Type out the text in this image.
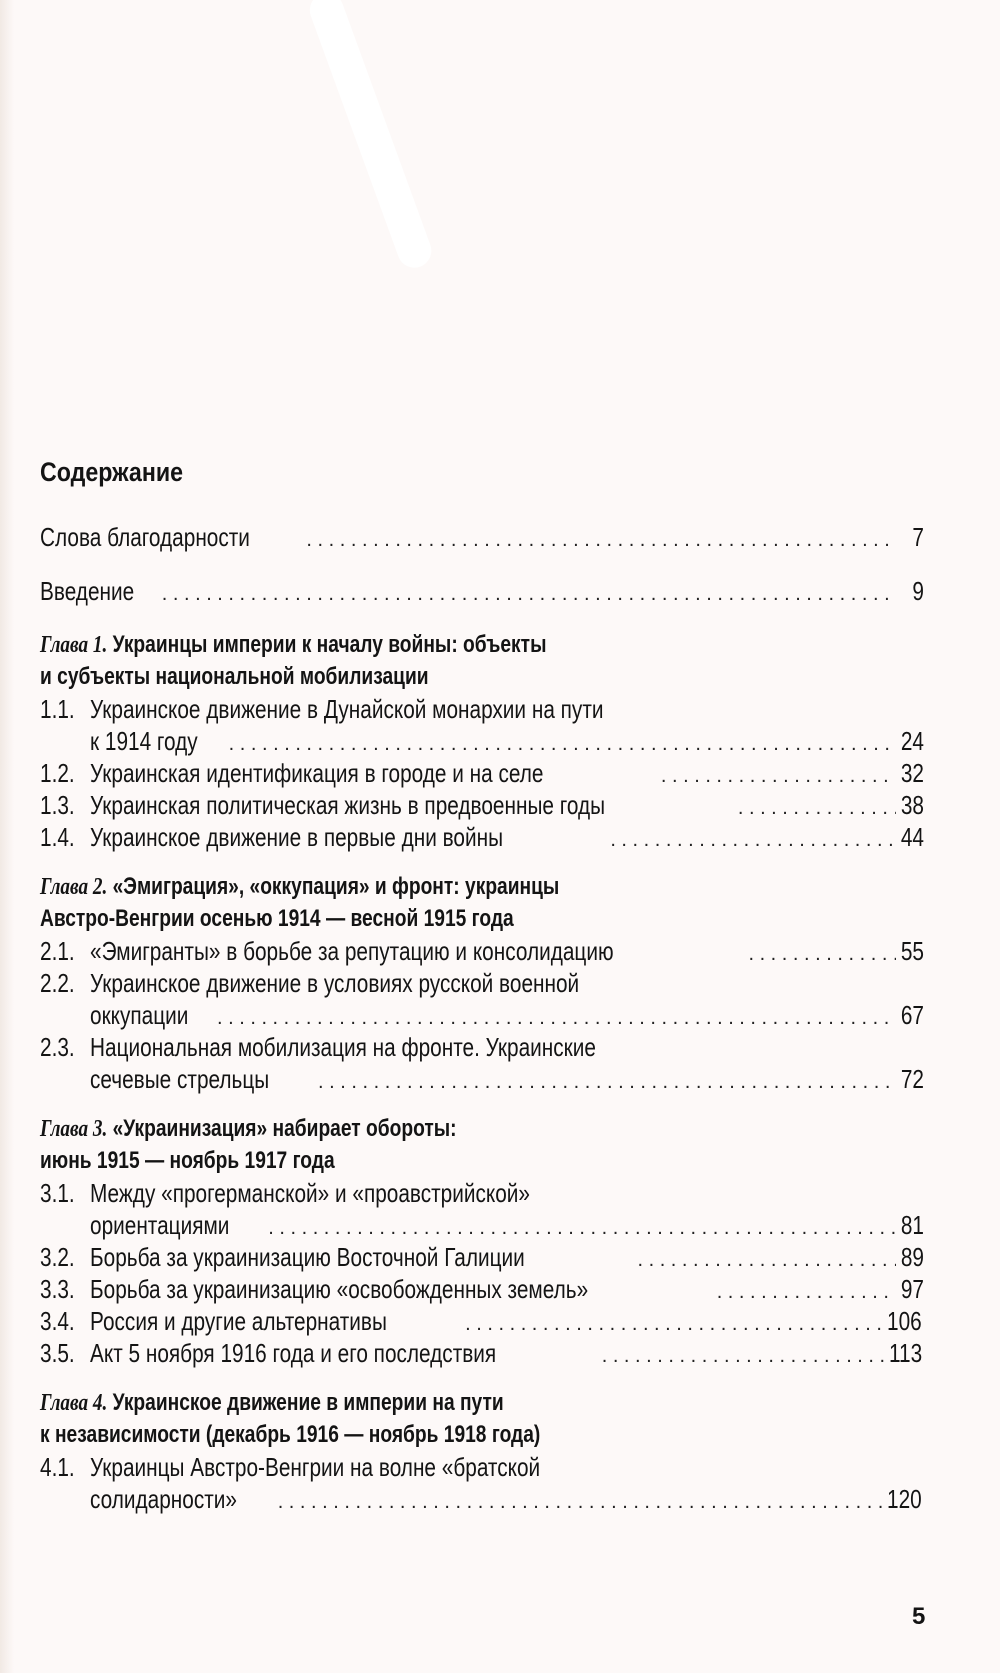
Содержание
Слова благодарности . . .	7
Введение . . .	9
Глава 1. Украинцы империи к началу войны: объекты
и субъекты национальной мобилизации
1.1. Украинское движение в Дунайской монархии на пути
к 1914 году . . .	24
1.2. Украинская идентификация в городе и на селе . . .	32
1.3. Украинская политическая жизнь в предвоенные годы . . .	38
1.4. Украинское движение в первые дни войны . . .	44
Глава 2. «Эмиграция», «оккупация» и фронт: украинцы
Австро-Венгрии осенью 1914 — весной 1915 года
2.1. «Эмигранты» в борьбе за репутацию и консолидацию . . .	55
2.2. Украинское движение в условиях русской военной
оккупации . . .	67
2.3. Национальная мобилизация на фронте. Украинские
сечевые стрельцы . . .	72
Глава 3. «Украинизация» набирает обороты:
июнь 1915 — ноябрь 1917 года
3.1. Между «прогерманской» и «проавстрийской»
ориентациями . . .	81
3.2. Борьба за украинизацию Восточной Галиции . . .	89
3.3. Борьба за украинизацию «освобожденных земель» . . .	97
3.4. Россия и другие альтернативы . . .	106
3.5. Акт 5 ноября 1916 года и его последствия . . .	113
Глава 4. Украинское движение в империи на пути
к независимости (декабрь 1916 — ноябрь 1918 года)
4.1. Украинцы Австро-Венгрии на волне «братской
солидарности» . . .	120
5
